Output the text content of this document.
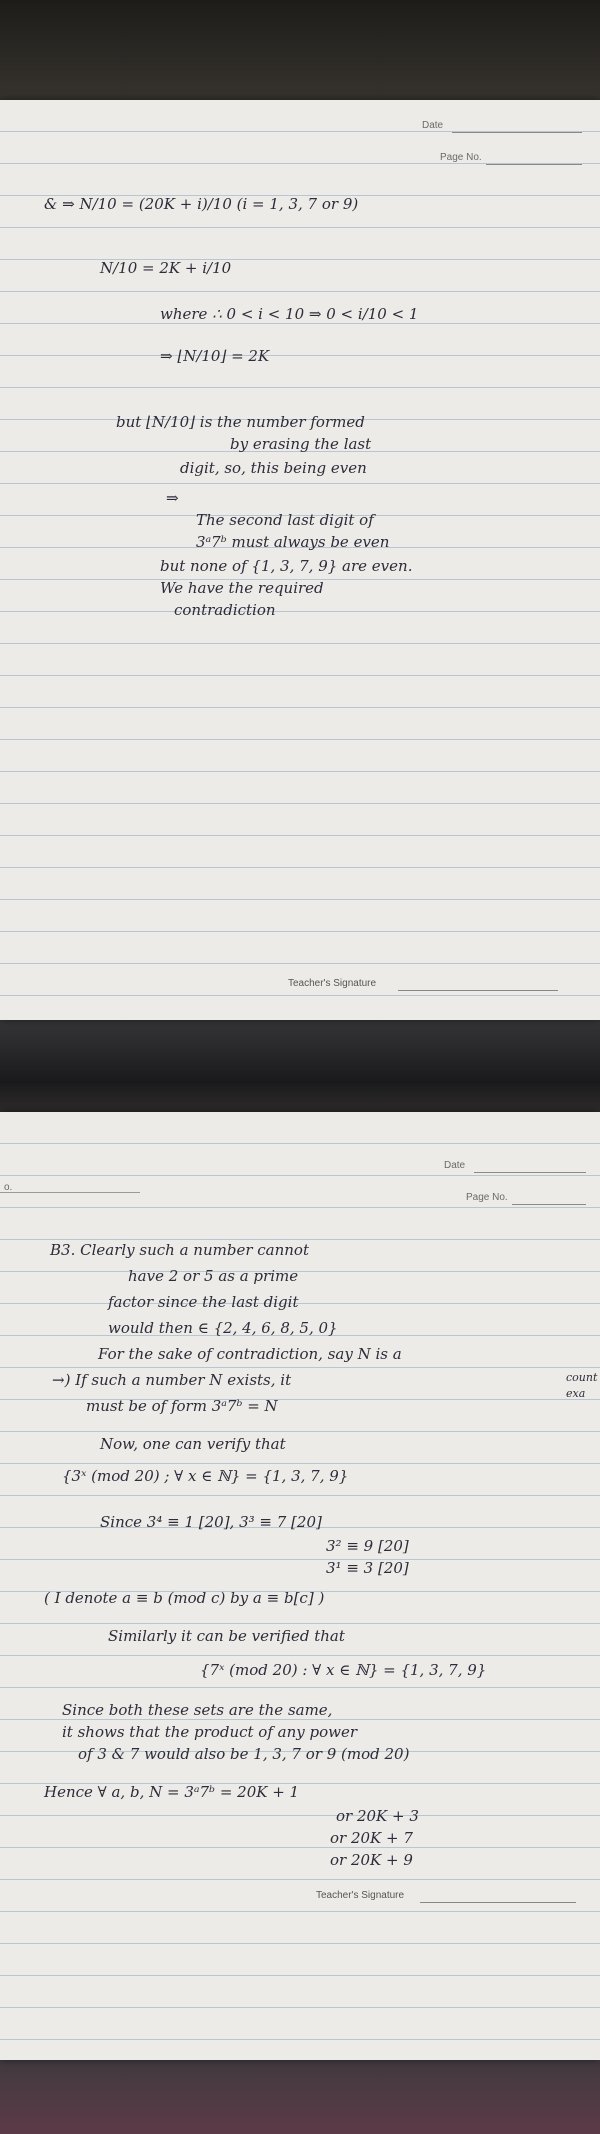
Date
Page No.
& ⇒ N/10 = (20K + i)/10 (i = 1, 3, 7 or 9)
N/10 = 2K + i/10
where ∴ 0 < i < 10 ⇒ 0 < i/10 < 1
⇒ ⌊N/10⌋ = 2K
but ⌊N/10⌋ is the number formed
by erasing the last
digit, so, this being even
⇒
The second last digit of
3ᵃ7ᵇ must always be even
but none of {1, 3, 7, 9} are even.
We have the required
contradiction
Teacher's Signature
o.
Date
Page No.
B3. Clearly such a number cannot
have 2 or 5 as a prime
factor since the last digit
would then ∈ {2, 4, 6, 8, 5, 0}
For the sake of contradiction, say N is a
→) If such a number N exists, it
must be of form 3ᵃ7ᵇ = N
count
exa
Now, one can verify that
{3ˣ (mod 20) ; ∀ x ∈ ℕ} = {1, 3, 7, 9}
Since 3⁴ ≡ 1 [20], 3³ ≡ 7 [20]
3² ≡ 9 [20]
3¹ ≡ 3 [20]
( I denote a ≡ b (mod c) by a ≡ b[c] )
Similarly it can be verified that
{7ˣ (mod 20) : ∀ x ∈ ℕ} = {1, 3, 7, 9}
Since both these sets are the same,
it shows that the product of any power
of 3 & 7 would also be 1, 3, 7 or 9 (mod 20)
Hence ∀ a, b, N = 3ᵃ7ᵇ = 20K + 1
or 20K + 3
or 20K + 7
or 20K + 9
Teacher's Signature
